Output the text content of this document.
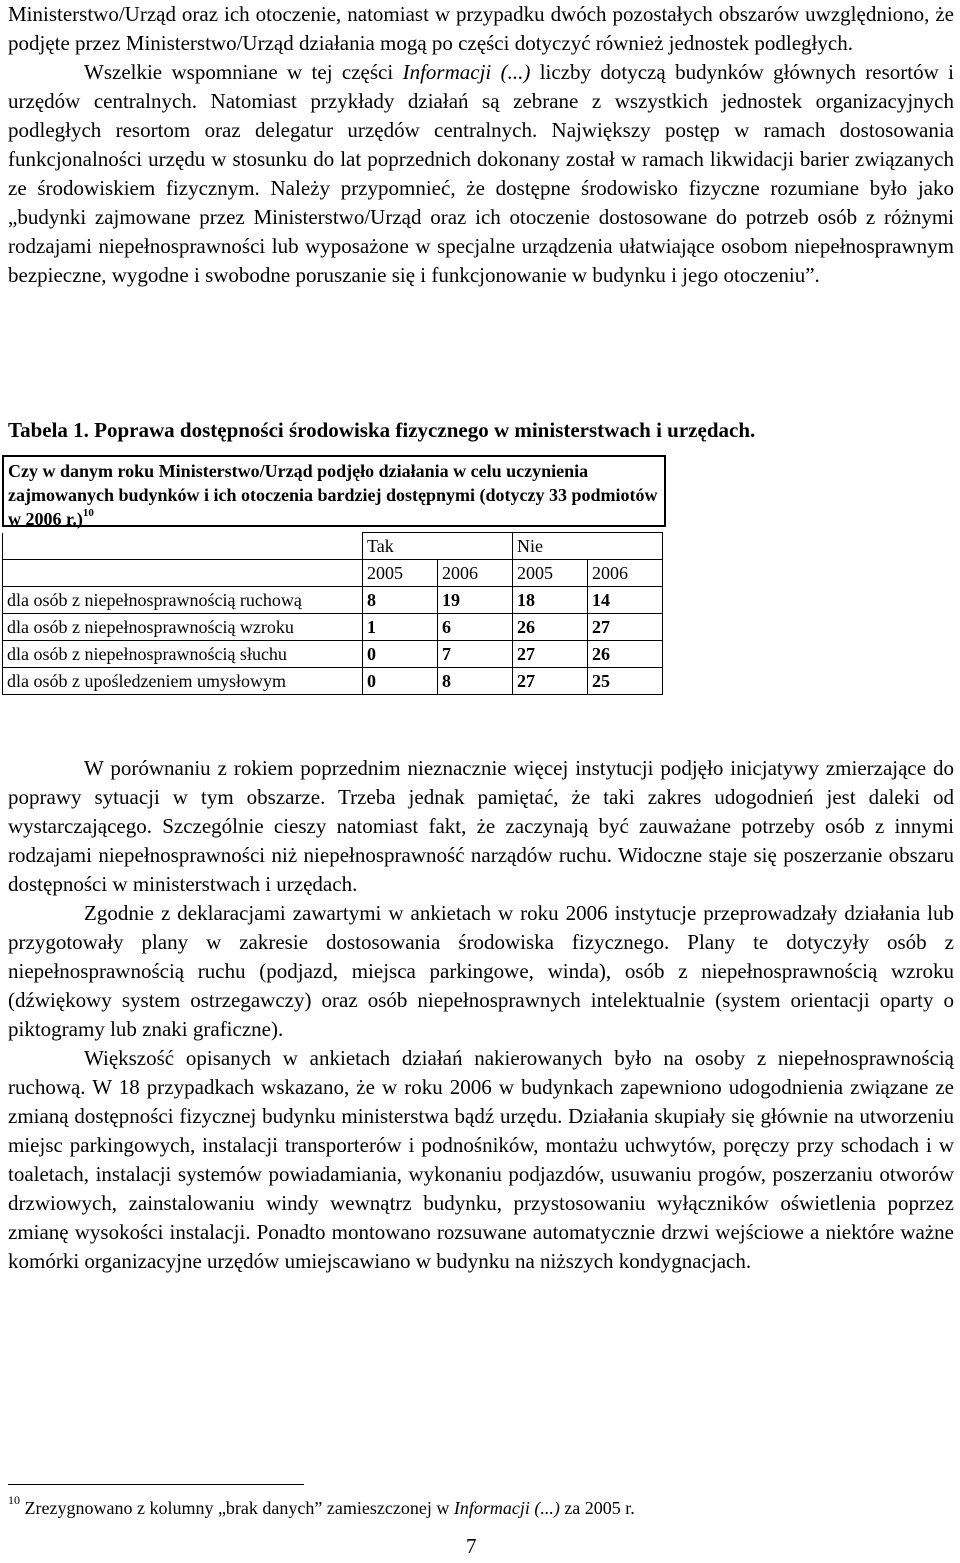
Ministerstwo/Urząd oraz ich otoczenie, natomiast w przypadku dwóch pozostałych obszarów uwzględniono, że podjęte przez Ministerstwo/Urząd działania mogą po części dotyczyć również jednostek podległych.

Wszelkie wspomniane w tej części Informacji (...) liczby dotyczą budynków głównych resortów i urzędów centralnych. Natomiast przykłady działań są zebrane z wszystkich jednostek organizacyjnych podległych resortom oraz delegatur urzędów centralnych. Największy postęp w ramach dostosowania funkcjonalności urzędu w stosunku do lat poprzednich dokonany został w ramach likwidacji barier związanych ze środowiskiem fizycznym. Należy przypomnieć, że dostępne środowisko fizyczne rozumiane było jako „budynki zajmowane przez Ministerstwo/Urząd oraz ich otoczenie dostosowane do potrzeb osób z różnymi rodzajami niepełnosprawności lub wyposażone w specjalne urządzenia ułatwiające osobom niepełnosprawnym bezpieczne, wygodne i swobodne poruszanie się i funkcjonowanie w budynku i jego otoczeniu”.

Tabela 1. Poprawa dostępności środowiska fizycznego w ministerstwach i urzędach.

Czy w danym roku Ministerstwo/Urząd podjęło działania w celu uczynienia zajmowanych budynków i ich otoczenia bardziej dostępnymi (dotyczy 33 podmiotów w 2006 r.)$^{10}$
	Tak		Nie	
	2005	2006	2005	2006
dla osób z niepełnosprawnością ruchową	8	19	18	14
dla osób z niepełnosprawnością wzroku	1	6	26	27
dla osób z niepełnosprawnością słuchu	0	7	27	26
dla osób z upośledzeniem umysłowym	0	8	27	25

W porównaniu z rokiem poprzednim nieznacznie więcej instytucji podjęło inicjatywy zmierzające do poprawy sytuacji w tym obszarze. Trzeba jednak pamiętać, że taki zakres udogodnień jest daleki od wystarczającego. Szczególnie cieszy natomiast fakt, że zaczynają być zauważane potrzeby osób z innymi rodzajami niepełnosprawności niż niepełnosprawność narządów ruchu. Widoczne staje się poszerzanie obszaru dostępności w ministerstwach i urzędach.

Zgodnie z deklaracjami zawartymi w ankietach w roku 2006 instytucje przeprowadzały działania lub przygotowały plany w zakresie dostosowania środowiska fizycznego. Plany te dotyczyły osób z niepełnosprawnością ruchu (podjazd, miejsca parkingowe, winda), osób z niepełnosprawnością wzroku (dźwiękowy system ostrzegawczy) oraz osób niepełnosprawnych intelektualnie (system orientacji oparty o piktogramy lub znaki graficzne).

Większość opisanych w ankietach działań nakierowanych było na osoby z niepełnosprawnością ruchową. W 18 przypadkach wskazano, że w roku 2006 w budynkach zapewniono udogodnienia związane ze zmianą dostępności fizycznej budynku ministerstwa bądź urzędu. Działania skupiały się głównie na utworzeniu miejsc parkingowych, instalacji transporterów i podnośników, montażu uchwytów, poręczy przy schodach i w toaletach, instalacji systemów powiadamiania, wykonaniu podjazdów, usuwaniu progów, poszerzaniu otworów drzwiowych, zainstalowaniu windy wewnątrz budynku, przystosowaniu wyłączników oświetlenia poprzez zmianę wysokości instalacji. Ponadto montowano rozsuwane automatycznie drzwi wejściowe a niektóre ważne komórki organizacyjne urzędów umiejscawiano w budynku na niższych kondygnacjach.

$^{10}$ Zrezygnowano z kolumny „brak danych” zamieszczonej w Informacji (...) za 2005 r.
7
